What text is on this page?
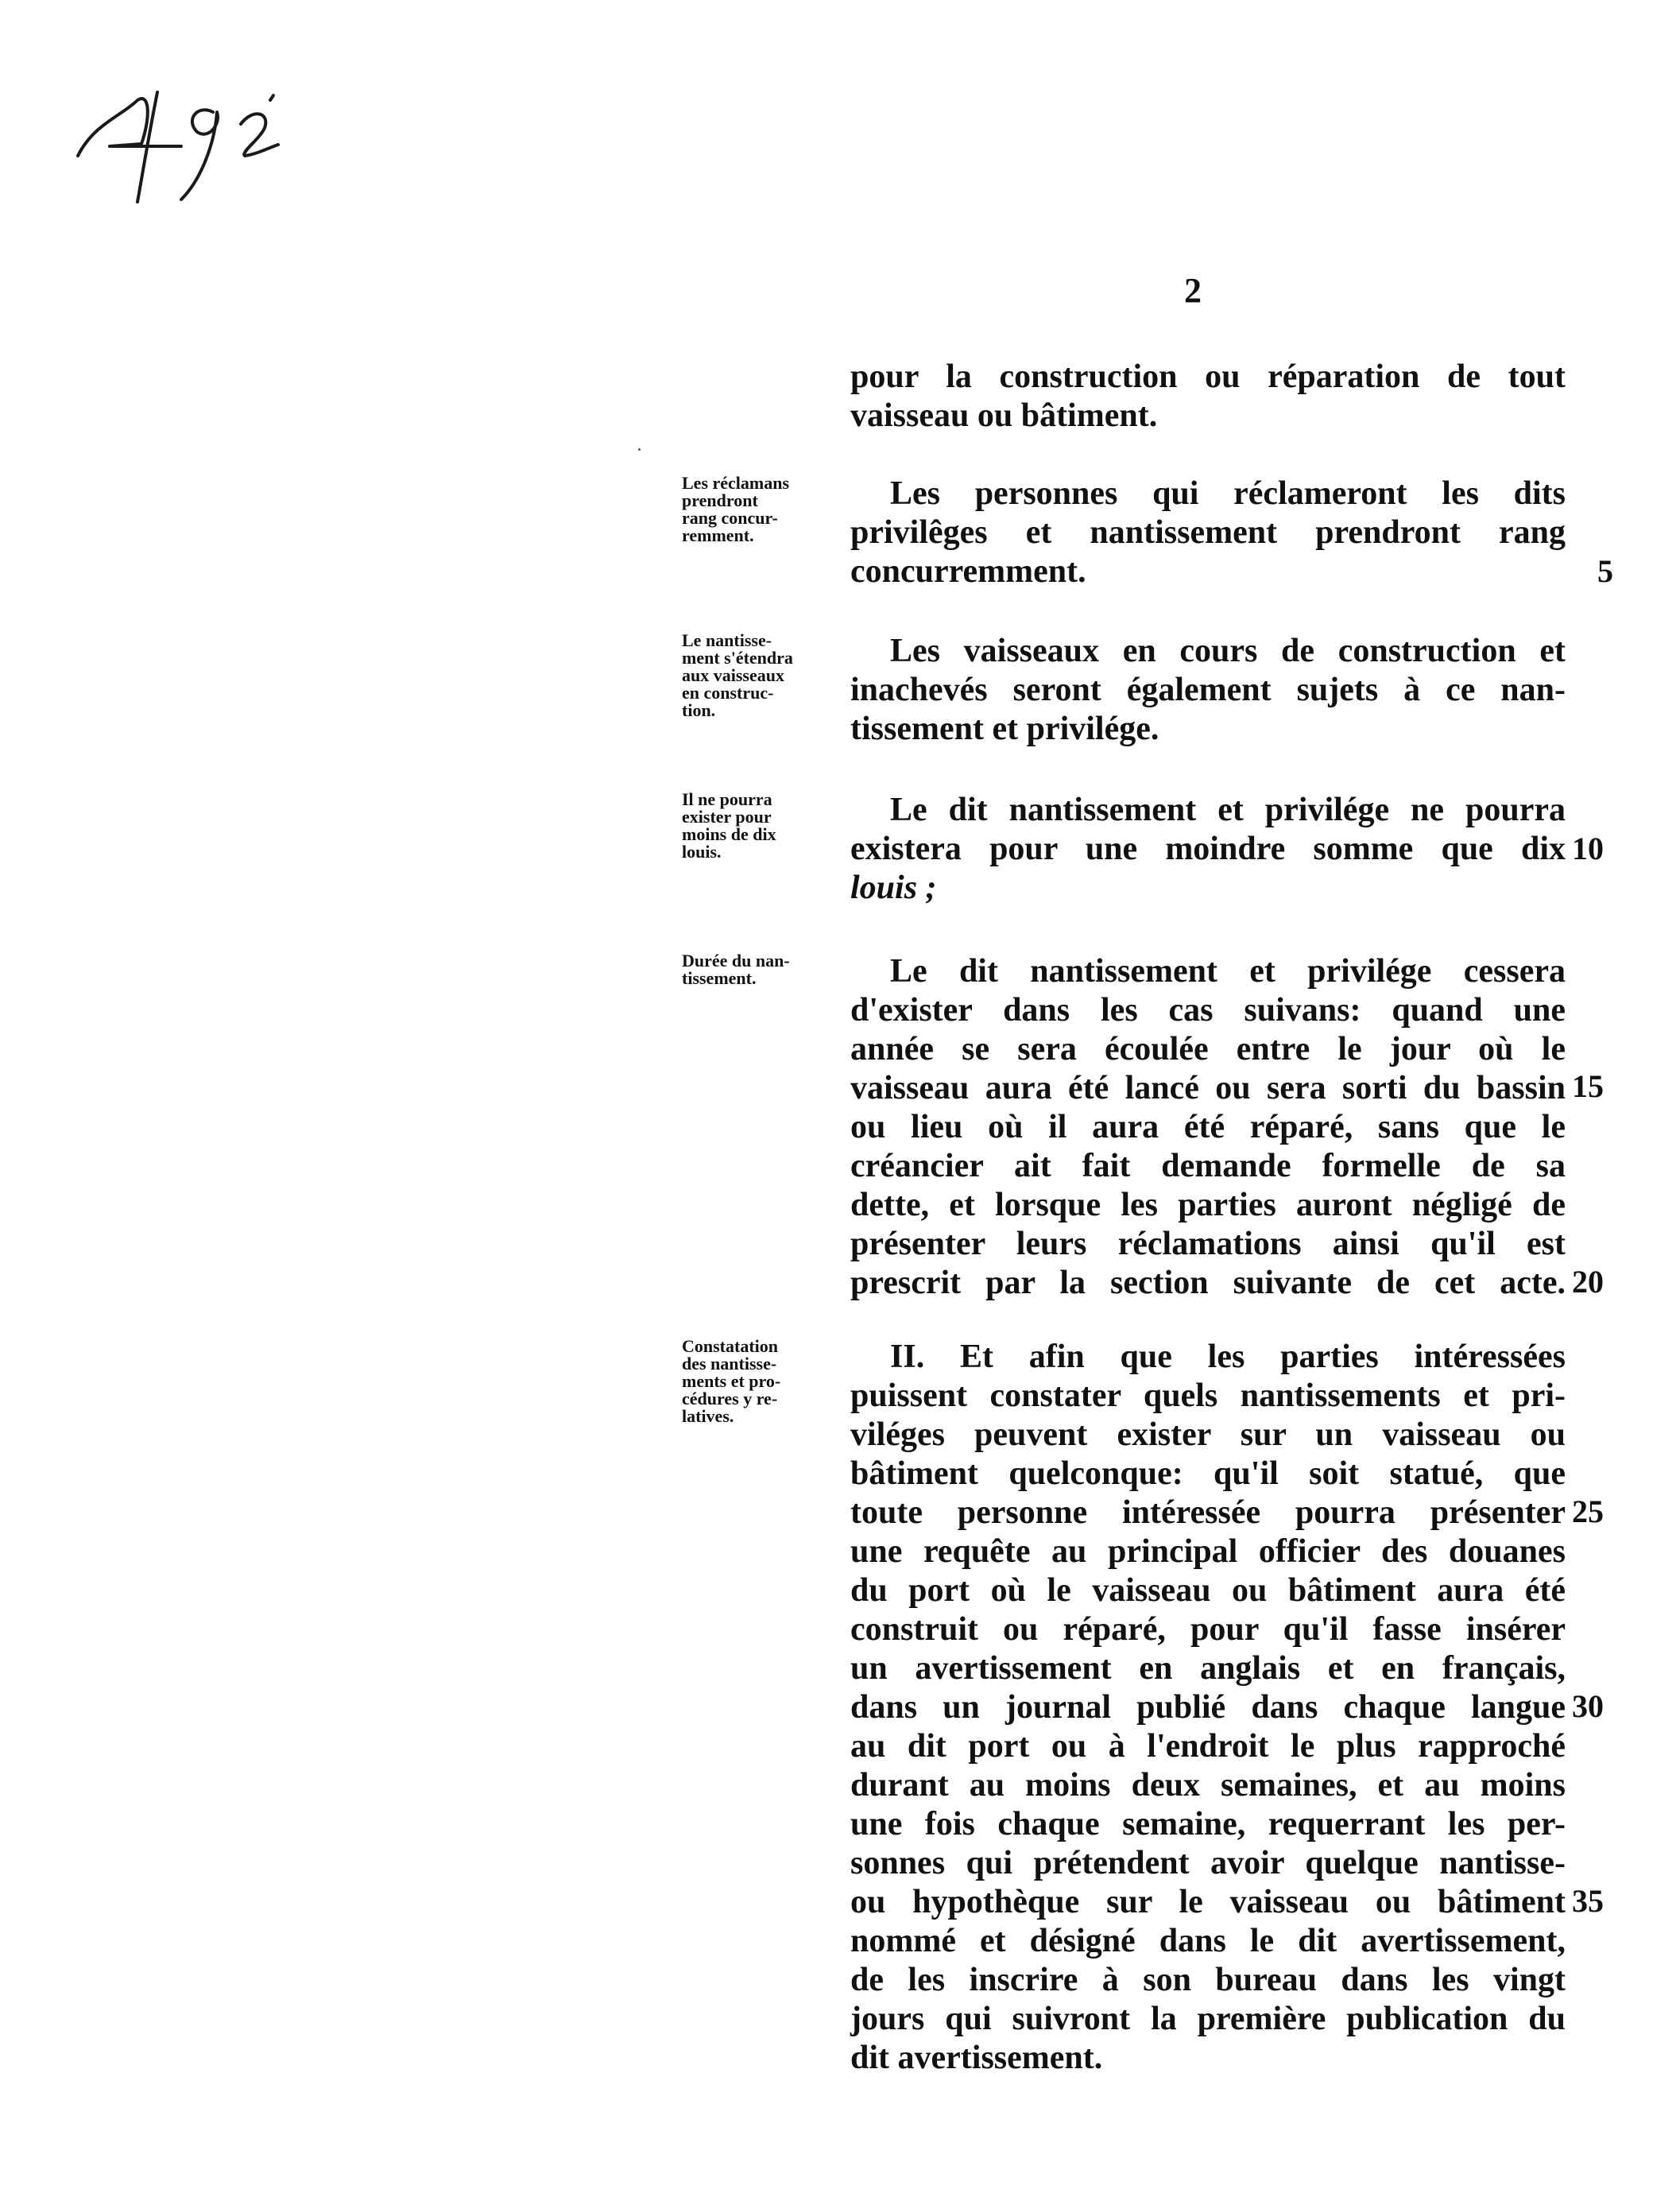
2
pour la construction ou réparation de tout
vaisseau ou bâtiment.
Les réclamans
prendront
rang concur-
remment.
Les personnes qui réclameront les dits
privilêges et nantissement prendront rang
concurremment.
Le nantisse-
ment s'étendra
aux vaisseaux
en construc-
tion.
Les vaisseaux en cours de construction et
inachevés seront également sujets à ce nan-
tissement et privilége.
Il ne pourra
exister pour
moins de dix
louis.
Le dit nantissement et privilége ne pourra
existera pour une moindre somme que dix
louis ;
Durée du nan-
tissement.	Le dit nantissement et privilége cessera
d'exister dans les cas suivans: quand une
année se sera écoulée entre le jour où le
vaisseau aura été lancé ou sera sorti du bassin
ou lieu où il aura été réparé, sans que le
créancier ait fait demande formelle de sa
dette, et lorsque les parties auront négligé de
présenter leurs réclamations ainsi qu'il est
prescrit par la section suivante de cet acte.
Constatation
des nantisse-
ments et pro-
cédures y re-
latives.
II. Et afin que les parties intéressées
puissent constater quels nantissements et pri-
viléges peuvent exister sur un vaisseau ou
bâtiment quelconque: qu'il soit statué, que
toute personne intéressée pourra présenter
une requête au principal officier des douanes
du port où le vaisseau ou bâtiment aura été
construit ou réparé, pour qu'il fasse insérer
un avertissement en anglais et en français,
dans un journal publié dans chaque langue
au dit port ou à l'endroit le plus rapproché
durant au moins deux semaines, et au moins
une fois chaque semaine, requerrant les per-
sonnes qui prétendent avoir quelque nantisse-
ou hypothèque sur le vaisseau ou bâtiment
nommé et désigné dans le dit avertissement,
de les inscrire à son bureau dans les vingt
jours qui suivront la première publication du
dit avertissement.
5
10
15
20
25
30
35
